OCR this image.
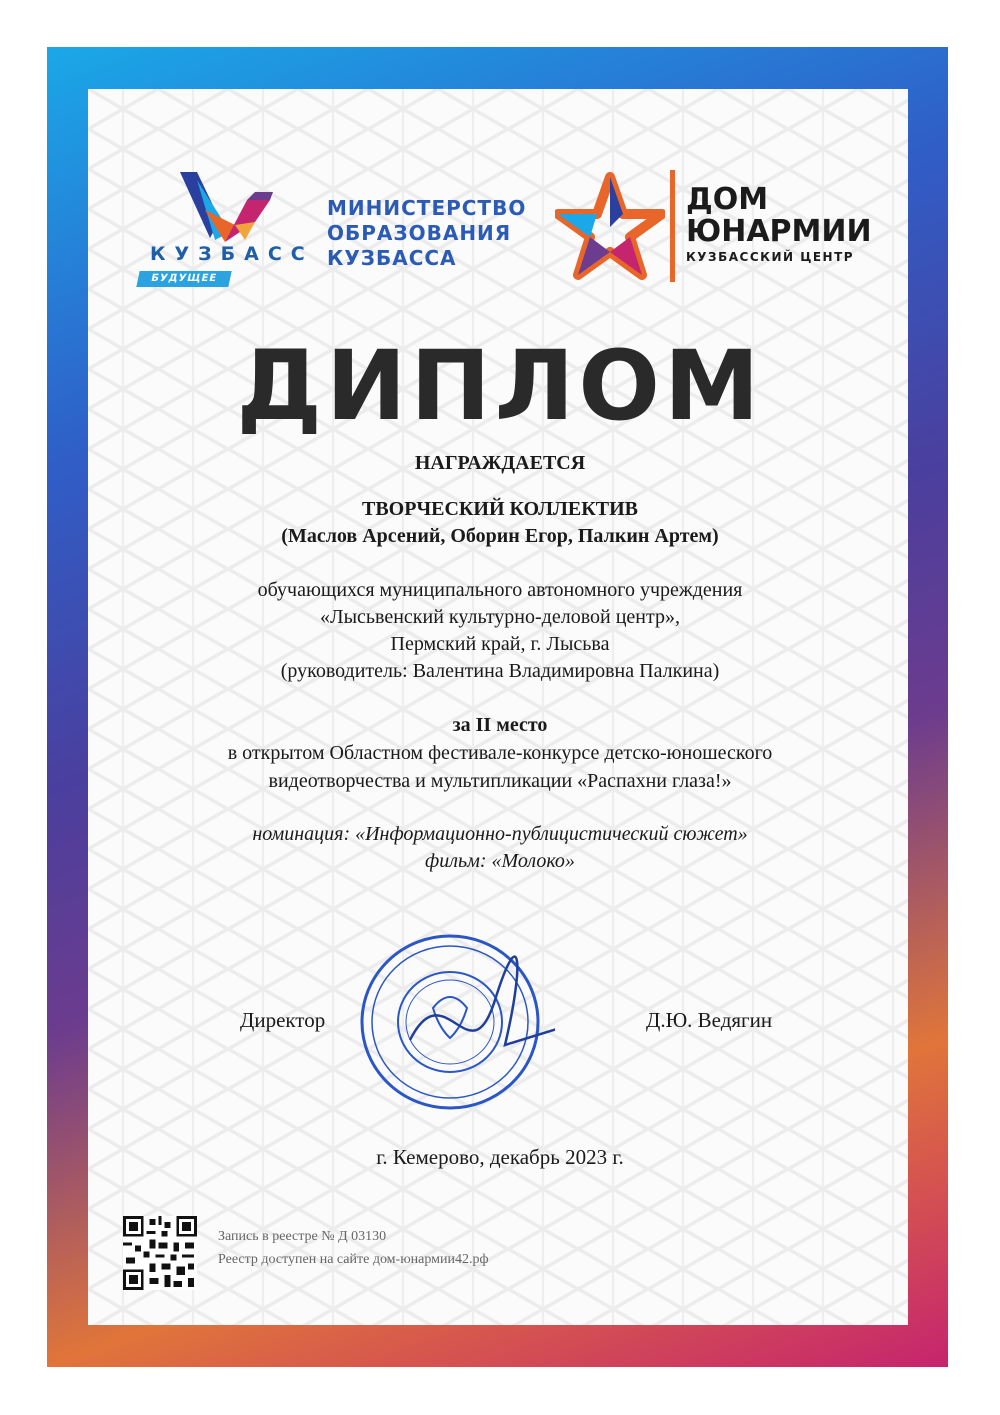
КУЗБАСС
БУДУЩЕЕ
МИНИСТЕРСТВО
ОБРАЗОВАНИЯ
КУЗБАССА
ДОМ
ЮНАРМИИ
КУЗБАССКИЙ ЦЕНТР
ДИПЛОМ
НАГРАЖДАЕТСЯ
ТВОРЧЕСКИЙ КОЛЛЕКТИВ
(Маслов Арсений, Оборин Егор, Палкин Артем)
обучающихся муниципального автономного учреждения
«Лысьвенский культурно-деловой центр»,
Пермский край, г. Лысьва
(руководитель: Валентина Владимировна Палкина)
за II место
в открытом Областном фестивале-конкурсе детско-юношеского
видеотворчества и мультипликации «Распахни глаза!»
номинация: «Информационно-публицистический сюжет»
фильм: «Молоко»
Директор	Д.Ю. Ведягин
г. Кемерово, декабрь 2023 г.
Запись в реестре № Д 03130
Реестр доступен на сайте дом-юнармии42.рф
